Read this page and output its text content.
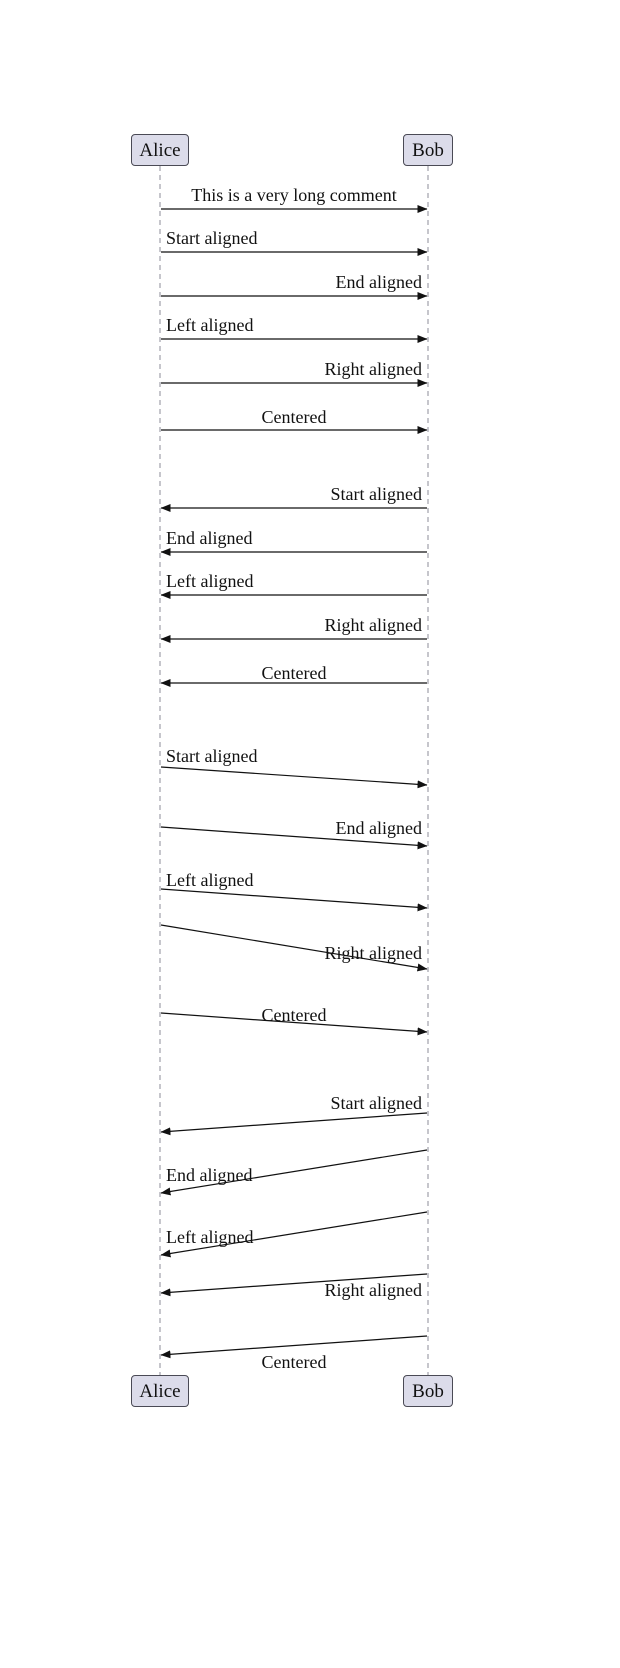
Alice	Bob
Alice	Bob
This is a very long comment
Start aligned
End aligned
Left aligned
Right aligned
Centered
Start aligned
End aligned
Left aligned
Right aligned
Centered
Start aligned
End aligned
Left aligned
Right aligned
Centered
Start aligned
End aligned
Left aligned
Right aligned
Centered
